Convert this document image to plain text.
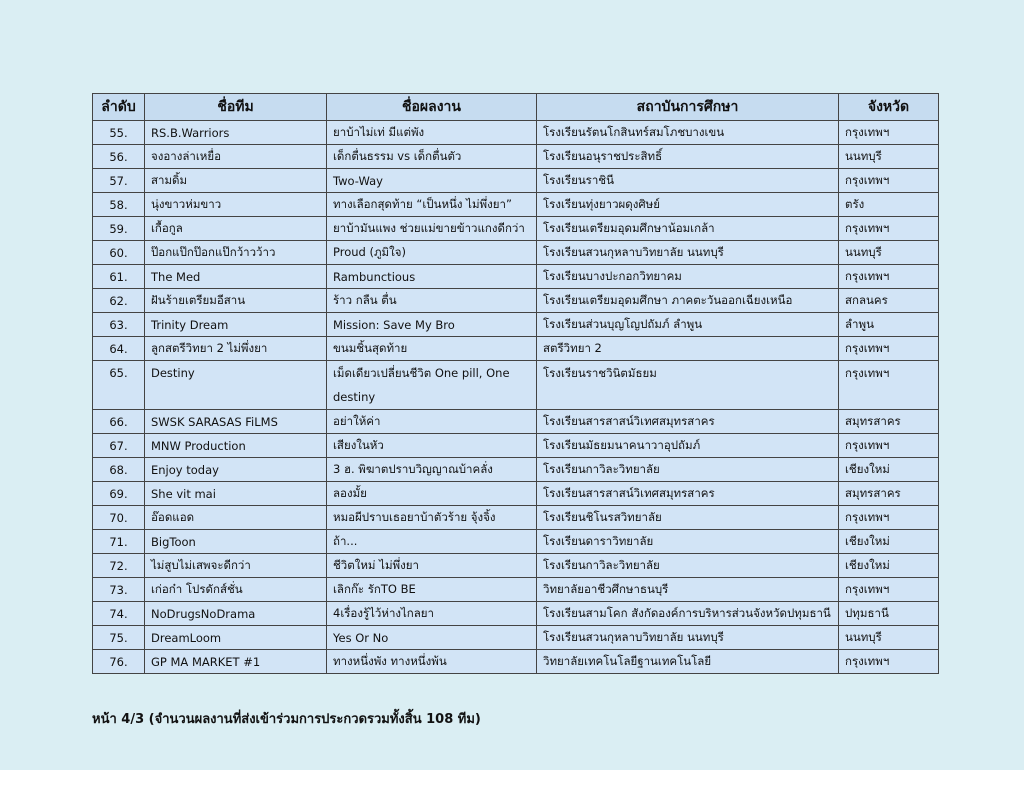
ลำดับ	ชื่อทีม	ชื่อผลงาน	สถาบันการศึกษา	จังหวัด
55.	RS.B.Warriors	ยาบ้าไม่เท่ มีแต่พัง	โรงเรียนรัตนโกสินทร์สมโภชบางเขน	กรุงเทพฯ
56.	จงอางล่าเหยื่อ	เด็กตื่นธรรม vs เด็กตื่นตัว	โรงเรียนอนุราชประสิทธิ์	นนทบุรี
57.	สามดิ้ม	Two-Way	โรงเรียนราชินี	กรุงเทพฯ
58.	นุ่งขาวห่มขาว	ทางเลือกสุดท้าย “เป็นหนึ่ง ไม่พึ่งยา”	โรงเรียนทุ่งยาวผดุงศิษย์	ตรัง
59.	เกื้อกูล	ยาบ้ามันแพง ช่วยแม่ขายข้าวแกงดีกว่า	โรงเรียนเตรียมอุดมศึกษาน้อมเกล้า	กรุงเทพฯ
60.	ป๊อกแป๊กป๊อกแป๊กว้าวว้าว	Proud (ภูมิใจ)	โรงเรียนสวนกุหลาบวิทยาลัย นนทบุรี	นนทบุรี
61.	The Med	Rambunctious	โรงเรียนบางปะกอกวิทยาคม	กรุงเทพฯ
62.	ฝันร้ายเตรียมอีสาน	ร้าว กลืน ตื่น	โรงเรียนเตรียมอุดมศึกษา ภาคตะวันออกเฉียงเหนือ	สกลนคร
63.	Trinity Dream	Mission: Save My Bro	โรงเรียนส่วนบุญโญปถัมภ์ ลำพูน	ลำพูน
64.	ลูกสตรีวิทยา 2 ไม่พึ่งยา	ขนมชิ้นสุดท้าย	สตรีวิทยา 2	กรุงเทพฯ
65.	Destiny	เม็ดเดียวเปลี่ยนชีวิต One pill, One destiny	โรงเรียนราชวินิตมัธยม	กรุงเทพฯ
66.	SWSK SARASAS FiLMS	อย่าให้ค่า	โรงเรียนสารสาสน์วิเทศสมุทรสาคร	สมุทรสาคร
67.	MNW Production	เสียงในหัว	โรงเรียนมัธยมนาคนาวาอุปถัมภ์	กรุงเทพฯ
68.	Enjoy today	3 ฮ. พิฆาตปราบวิญญาณบ้าคลั่ง	โรงเรียนกาวิละวิทยาลัย	เชียงใหม่
69.	She vit mai	ลองมั้ย	โรงเรียนสารสาสน์วิเทศสมุทรสาคร	สมุทรสาคร
70.	อ๊อดแอด	หมอผีปราบเธอยาบ้าตัวร้าย จุ้งจิ้ง	โรงเรียนชิโนรสวิทยาลัย	กรุงเทพฯ
71.	BigToon	ถ้า...	โรงเรียนดาราวิทยาลัย	เชียงใหม่
72.	ไม่สูบไม่เสพจะดีกว่า	ชีวิตใหม่ ไม่พึ่งยา	โรงเรียนกาวิละวิทยาลัย	เชียงใหม่
73.	เก่อก๋า โปรดักส์ชั่น	เลิกก๊ะ รักTO BE	วิทยาลัยอาชีวศึกษาธนบุรี	กรุงเทพฯ
74.	NoDrugsNoDrama	4เรื่องรู้ไว้ห่างไกลยา	โรงเรียนสามโคก สังกัดองค์การบริหารส่วนจังหวัดปทุมธานี	ปทุมธานี
75.	DreamLoom	Yes Or No	โรงเรียนสวนกุหลาบวิทยาลัย นนทบุรี	นนทบุรี
76.	GP MA MARKET #1	ทางหนึ่งพัง ทางหนึ่งพ้น	วิทยาลัยเทคโนโลยีฐานเทคโนโลยี	กรุงเทพฯ
หน้า 4/3 (จำนวนผลงานที่ส่งเข้าร่วมการประกวดรวมทั้งสิ้น 108 ทีม)
